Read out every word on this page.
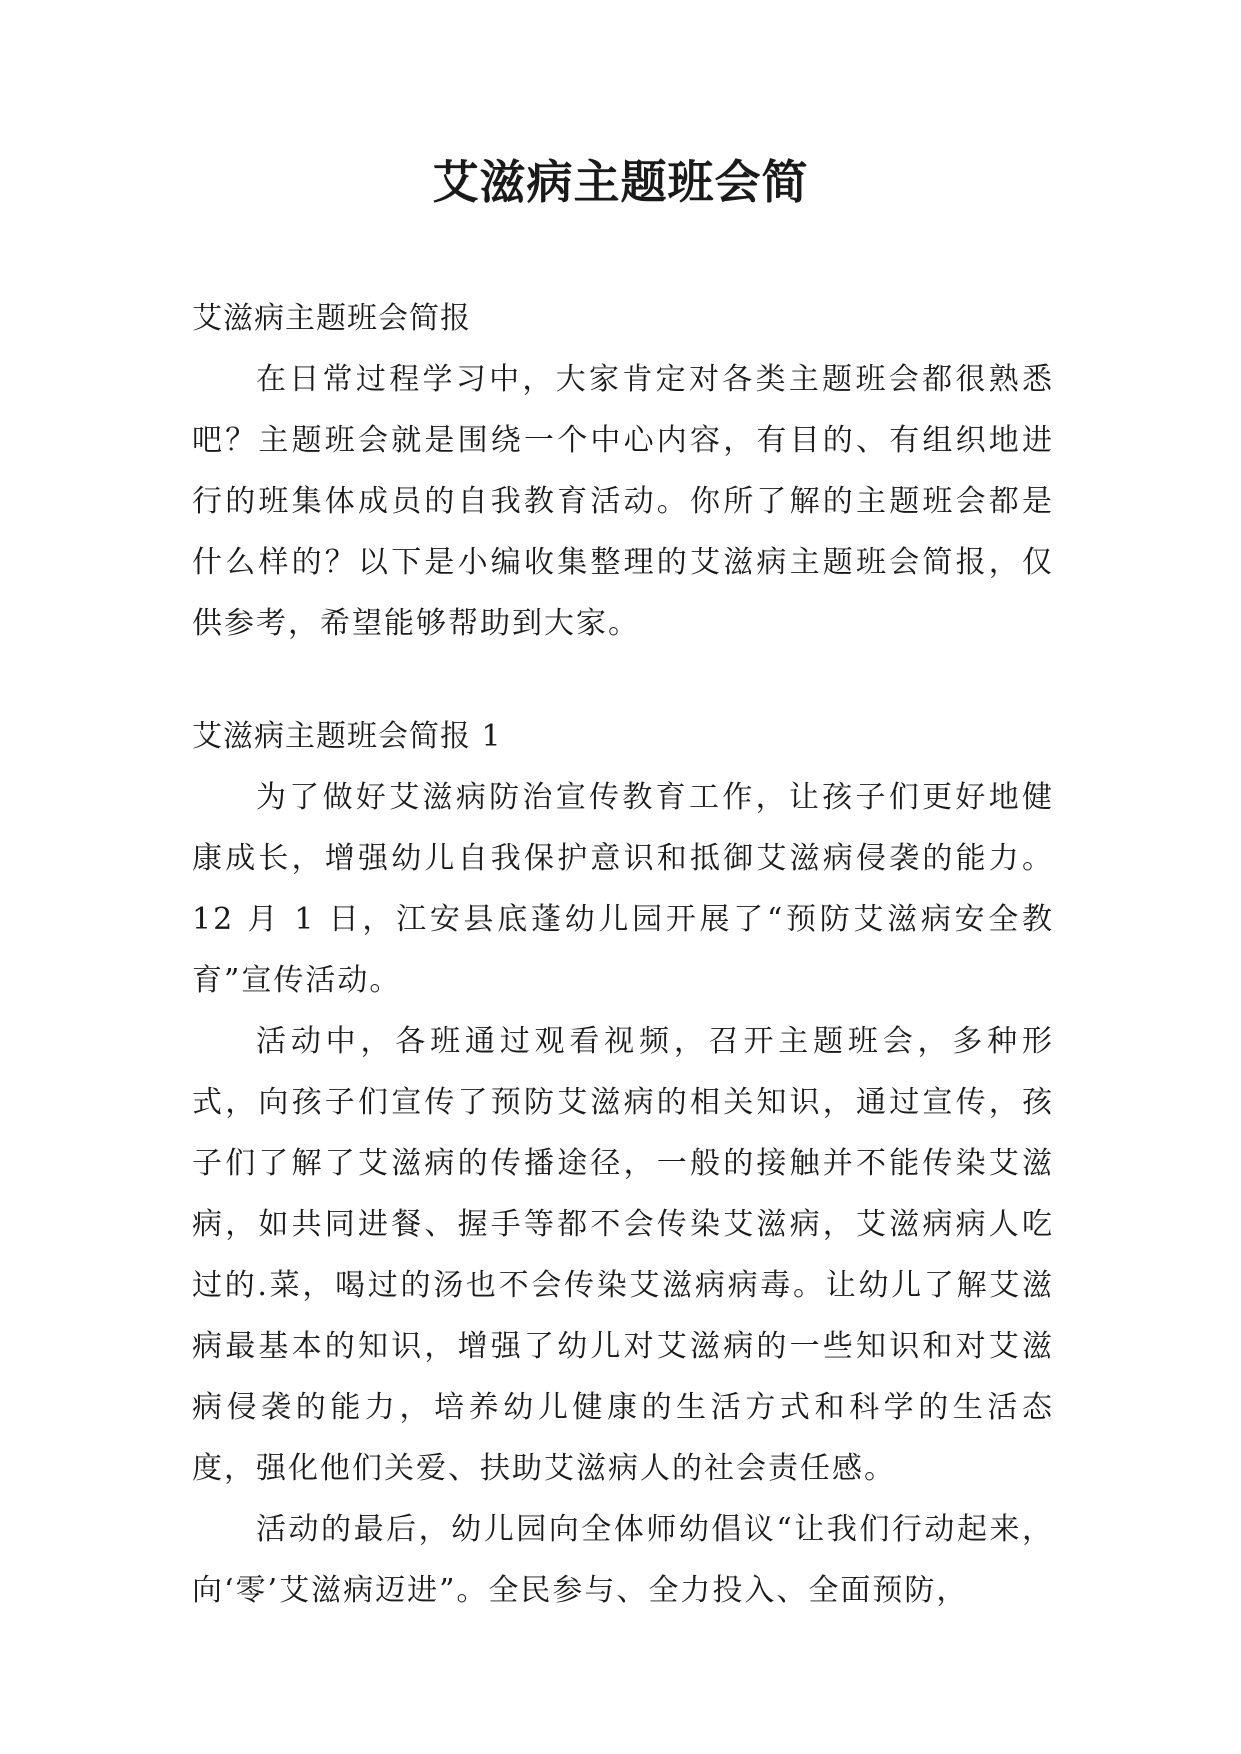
艾滋病主题班会简

艾滋病主题班会简报

在日常过程学习中，大家肯定对各类主题班会都很熟悉吧？主题班会就是围绕一个中心内容，有目的、有组织地进行的班集体成员的自我教育活动。你所了解的主题班会都是什么样的？以下是小编收集整理的艾滋病主题班会简报，仅供参考，希望能够帮助到大家。

艾滋病主题班会简报 1

为了做好艾滋病防治宣传教育工作，让孩子们更好地健康成长，增强幼儿自我保护意识和抵御艾滋病侵袭的能力。12 月 1 日，江安县底蓬幼儿园开展了“预防艾滋病安全教育”宣传活动。

活动中，各班通过观看视频，召开主题班会，多种形式，向孩子们宣传了预防艾滋病的相关知识，通过宣传，孩子们了解了艾滋病的传播途径，一般的接触并不能传染艾滋病，如共同进餐、握手等都不会传染艾滋病，艾滋病病人吃过的.菜，喝过的汤也不会传染艾滋病病毒。让幼儿了解艾滋病最基本的知识，增强了幼儿对艾滋病的一些知识和对艾滋病侵袭的能力，培养幼儿健康的生活方式和科学的生活态度，强化他们关爱、扶助艾滋病人的社会责任感。

活动的最后，幼儿园向全体师幼倡议“让我们行动起来，向‘零’艾滋病迈进”。全民参与、全力投入、全面预防，
